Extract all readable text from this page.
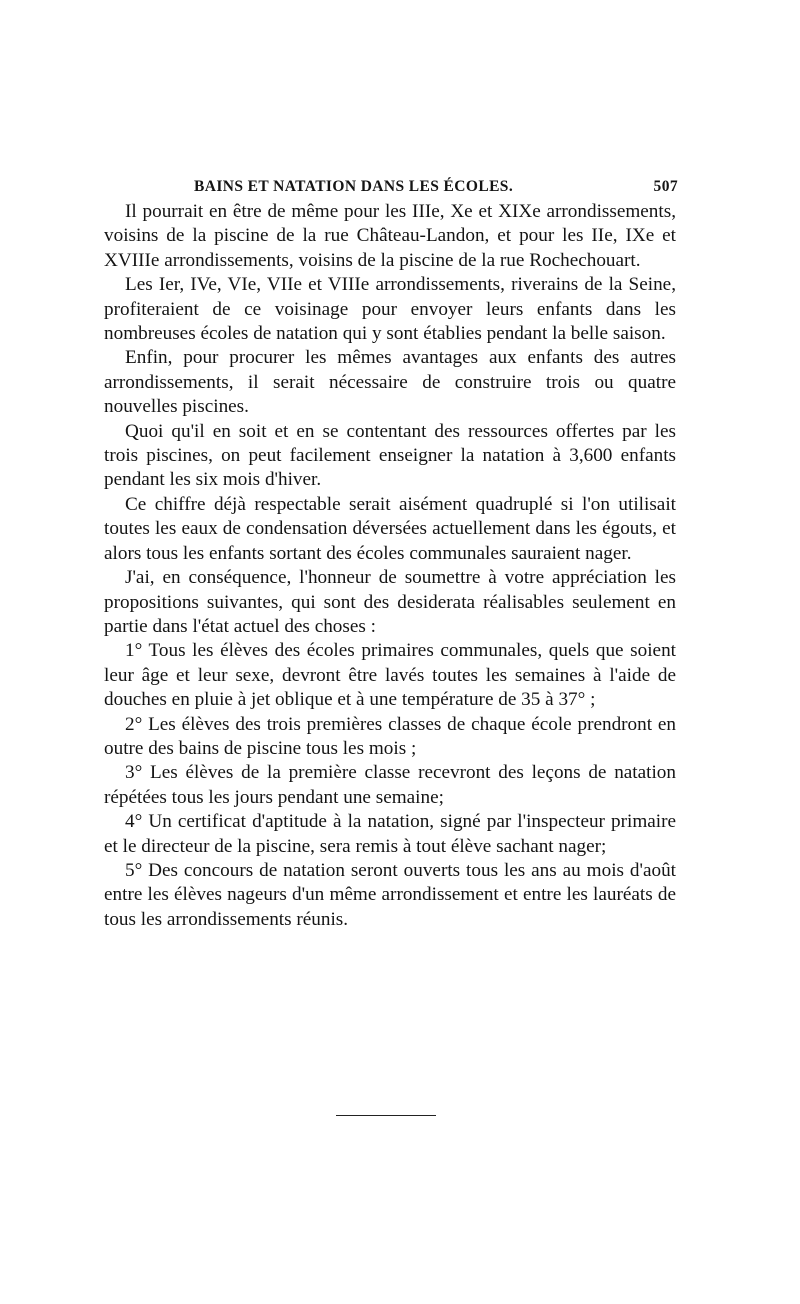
BAINS ET NATATION DANS LES ÉCOLES.	507

Il pourrait en être de même pour les IIIe, Xe et XIXe arrondissements, voisins de la piscine de la rue Château-Landon, et pour les IIe, IXe et XVIIIe arrondissements, voisins de la piscine de la rue Rochechouart.

Les Ier, IVe, VIe, VIIe et VIIIe arrondissements, riverains de la Seine, profiteraient de ce voisinage pour envoyer leurs enfants dans les nombreuses écoles de natation qui y sont établies pendant la belle saison.

Enfin, pour procurer les mêmes avantages aux enfants des autres arrondissements, il serait nécessaire de construire trois ou quatre nouvelles piscines.

Quoi qu'il en soit et en se contentant des ressources offertes par les trois piscines, on peut facilement enseigner la natation à 3,600 enfants pendant les six mois d'hiver.

Ce chiffre déjà respectable serait aisément quadruplé si l'on utilisait toutes les eaux de condensation déversées actuellement dans les égouts, et alors tous les enfants sortant des écoles communales sauraient nager.

J'ai, en conséquence, l'honneur de soumettre à votre appréciation les propositions suivantes, qui sont des desiderata réalisables seulement en partie dans l'état actuel des choses :

1° Tous les élèves des écoles primaires communales, quels que soient leur âge et leur sexe, devront être lavés toutes les semaines à l'aide de douches en pluie à jet oblique et à une température de 35 à 37° ;

2° Les élèves des trois premières classes de chaque école prendront en outre des bains de piscine tous les mois ;

3° Les élèves de la première classe recevront des leçons de natation répétées tous les jours pendant une semaine;

4° Un certificat d'aptitude à la natation, signé par l'inspecteur primaire et le directeur de la piscine, sera remis à tout élève sachant nager;

5° Des concours de natation seront ouverts tous les ans au mois d'août entre les élèves nageurs d'un même arrondissement et entre les lauréats de tous les arrondissements réunis.
